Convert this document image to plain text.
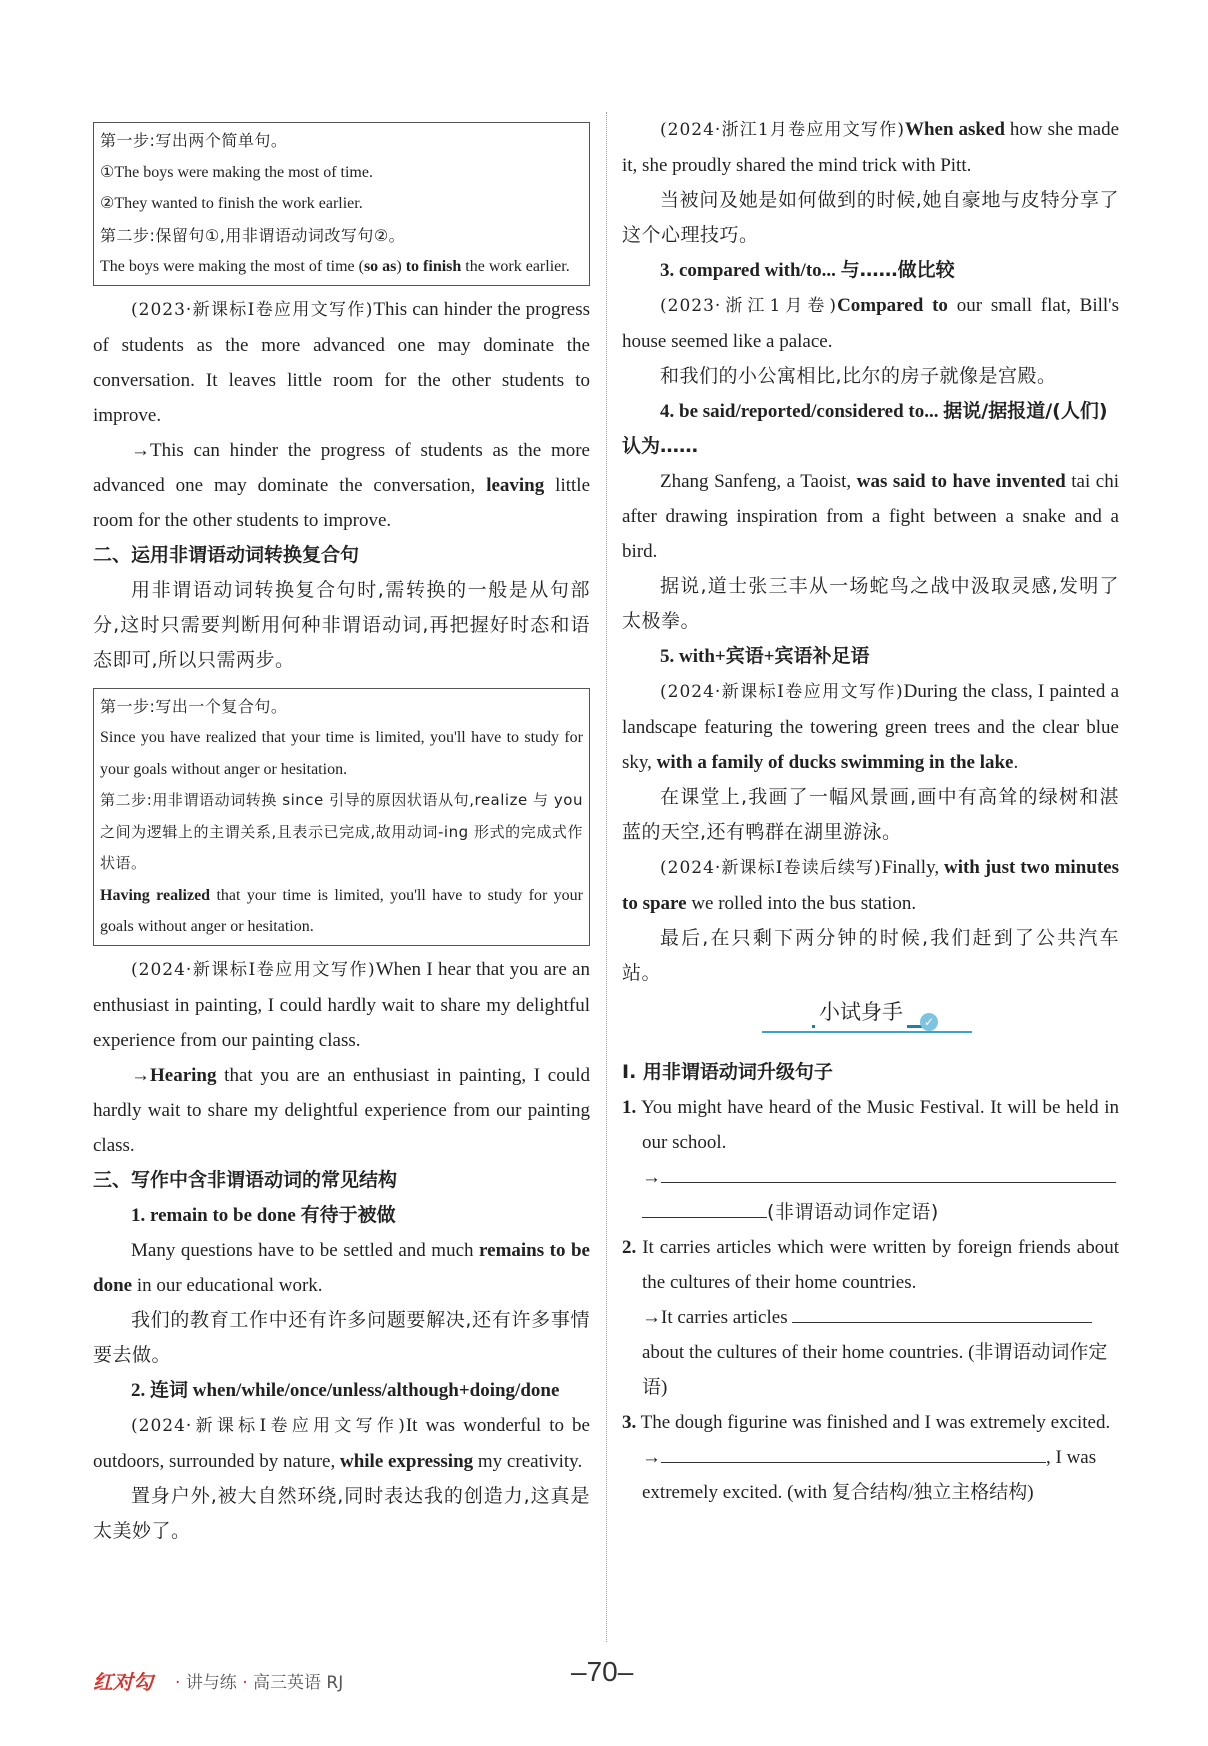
第一步:写出两个简单句。

①The boys were making the most of time.

②They wanted to finish the work earlier.

第二步:保留句①,用非谓语动词改写句②。

The boys were making the most of time (so as) to finish the work earlier.

(2023·新课标Ⅰ卷应用文写作)This can hinder the progress of students as the more advanced one may dominate the conversation. It leaves little room for the other students to improve.

→This can hinder the progress of students as the more advanced one may dominate the conversation, leaving little room for the other students to improve.

二、运用非谓语动词转换复合句

用非谓语动词转换复合句时,需转换的一般是从句部分,这时只需要判断用何种非谓语动词,再把握好时态和语态即可,所以只需两步。

第一步:写出一个复合句。

Since you have realized that your time is limited, you'll have to study for your goals without anger or hesitation.

第二步:用非谓语动词转换 since 引导的原因状语从句,realize 与 you 之间为逻辑上的主谓关系,且表示已完成,故用动词-ing 形式的完成式作状语。

Having realized that your time is limited, you'll have to study for your goals without anger or hesitation.

(2024·新课标Ⅰ卷应用文写作)When I hear that you are an enthusiast in painting, I could hardly wait to share my delightful experience from our painting class.

→Hearing that you are an enthusiast in painting, I could hardly wait to share my delightful experience from our painting class.

三、写作中含非谓语动词的常见结构

1. remain to be done 有待于被做

Many questions have to be settled and much remains to be done in our educational work.

我们的教育工作中还有许多问题要解决,还有许多事情要去做。

2. 连词 when/while/once/unless/although+doing/done

(2024·新课标Ⅰ卷应用文写作)It was wonderful to be outdoors, surrounded by nature, while expressing my creativity.

置身户外,被大自然环绕,同时表达我的创造力,这真是太美妙了。

(2024·浙江1月卷应用文写作)When asked how she made it, she proudly shared the mind trick with Pitt.

当被问及她是如何做到的时候,她自豪地与皮特分享了这个心理技巧。

3. compared with/to... 与……做比较

(2023·浙江1月卷)Compared to our small flat, Bill's house seemed like a palace.

和我们的小公寓相比,比尔的房子就像是宫殿。

4. be said/reported/considered to... 据说/据报道/(人们)认为……

Zhang Sanfeng, a Taoist, was said to have invented tai chi after drawing inspiration from a fight between a snake and a bird.

据说,道士张三丰从一场蛇鸟之战中汲取灵感,发明了太极拳。

5. with+宾语+宾语补足语

(2024·新课标Ⅰ卷应用文写作)During the class, I painted a landscape featuring the towering green trees and the clear blue sky, with a family of ducks swimming in the lake.

在课堂上,我画了一幅风景画,画中有高耸的绿树和湛蓝的天空,还有鸭群在湖里游泳。

(2024·新课标Ⅰ卷读后续写)Finally, with just two minutes to spare we rolled into the bus station.

最后,在只剩下两分钟的时候,我们赶到了公共汽车站。

小试身手	✓

Ⅰ. 用非谓语动词升级句子

1. You might have heard of the Music Festival. It will be held in our school.

→

(非谓语动词作定语)

2. It carries articles which were written by foreign friends about the cultures of their home countries.

→It carries articles

about the cultures of their home countries. (非谓语动词作定语)

3. The dough figurine was finished and I was extremely excited.

→	, I was

extremely excited. (with 复合结构/独立主格结构)

红对勾 · 讲与练 · 高三英语 RJ	–70–
